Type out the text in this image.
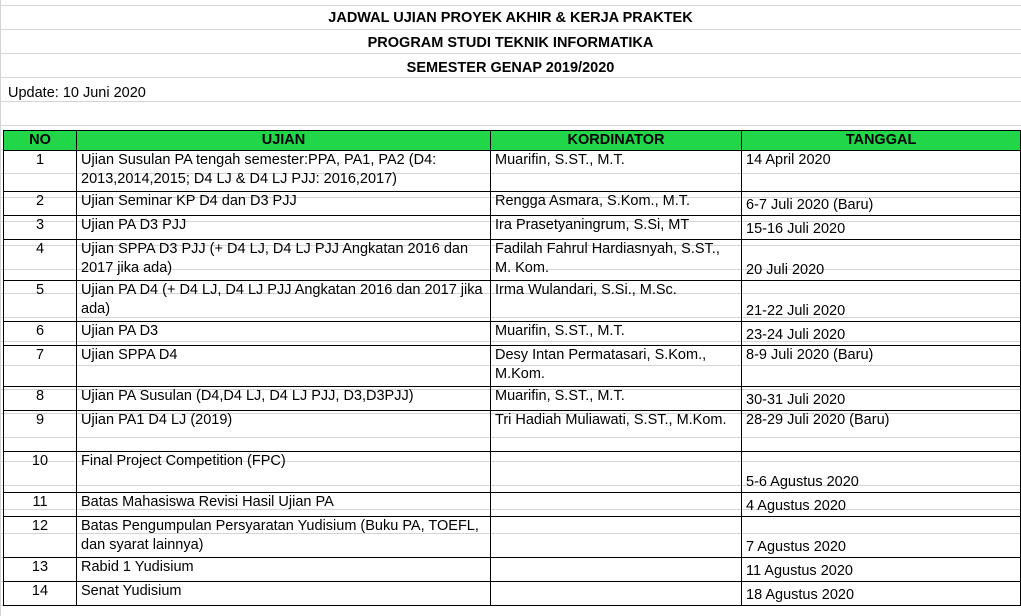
JADWAL UJIAN PROYEK AKHIR & KERJA PRAKTEK
PROGRAM STUDI TEKNIK INFORMATIKA
SEMESTER GENAP 2019/2020
Update: 10 Juni 2020
NO	UJIAN	KORDINATOR	TANGGAL
1	Ujian Susulan PA tengah semester:PPA, PA1, PA2 (D4: 2013,2014,2015; D4 LJ & D4 LJ PJJ: 2016,2017)	Muarifin, S.ST., M.T.	14 April 2020
2	Ujian Seminar KP D4 dan D3 PJJ	Rengga Asmara, S.Kom., M.T.	6-7 Juli 2020 (Baru)
3	Ujian PA D3 PJJ	Ira Prasetyaningrum, S.Si, MT	15-16 Juli 2020
4	Ujian SPPA D3 PJJ (+ D4 LJ, D4 LJ PJJ Angkatan 2016 dan 2017 jika ada)	Fadilah Fahrul Hardiasnyah, S.ST., M. Kom.	20 Juli 2020
5	Ujian PA D4 (+ D4 LJ, D4 LJ PJJ Angkatan 2016 dan 2017 jika ada)	Irma Wulandari, S.Si., M.Sc.	21-22 Juli 2020
6	Ujian PA D3	Muarifin, S.ST., M.T.	23-24 Juli 2020
7	Ujian SPPA D4	Desy Intan Permatasari, S.Kom., M.Kom.	8-9 Juli 2020 (Baru)
8	Ujian PA Susulan (D4,D4 LJ, D4 LJ PJJ, D3,D3PJJ)	Muarifin, S.ST., M.T.	30-31 Juli 2020
9	Ujian PA1 D4 LJ (2019)	Tri Hadiah Muliawati, S.ST., M.Kom.	28-29 Juli 2020 (Baru)
10	Final Project Competition (FPC)		5-6 Agustus 2020
11	Batas Mahasiswa Revisi Hasil Ujian PA		4 Agustus 2020
12	Batas Pengumpulan Persyaratan Yudisium (Buku PA, TOEFL, dan syarat lainnya)		7 Agustus 2020
13	Rabid 1 Yudisium		11 Agustus 2020
14	Senat Yudisium		18 Agustus 2020
